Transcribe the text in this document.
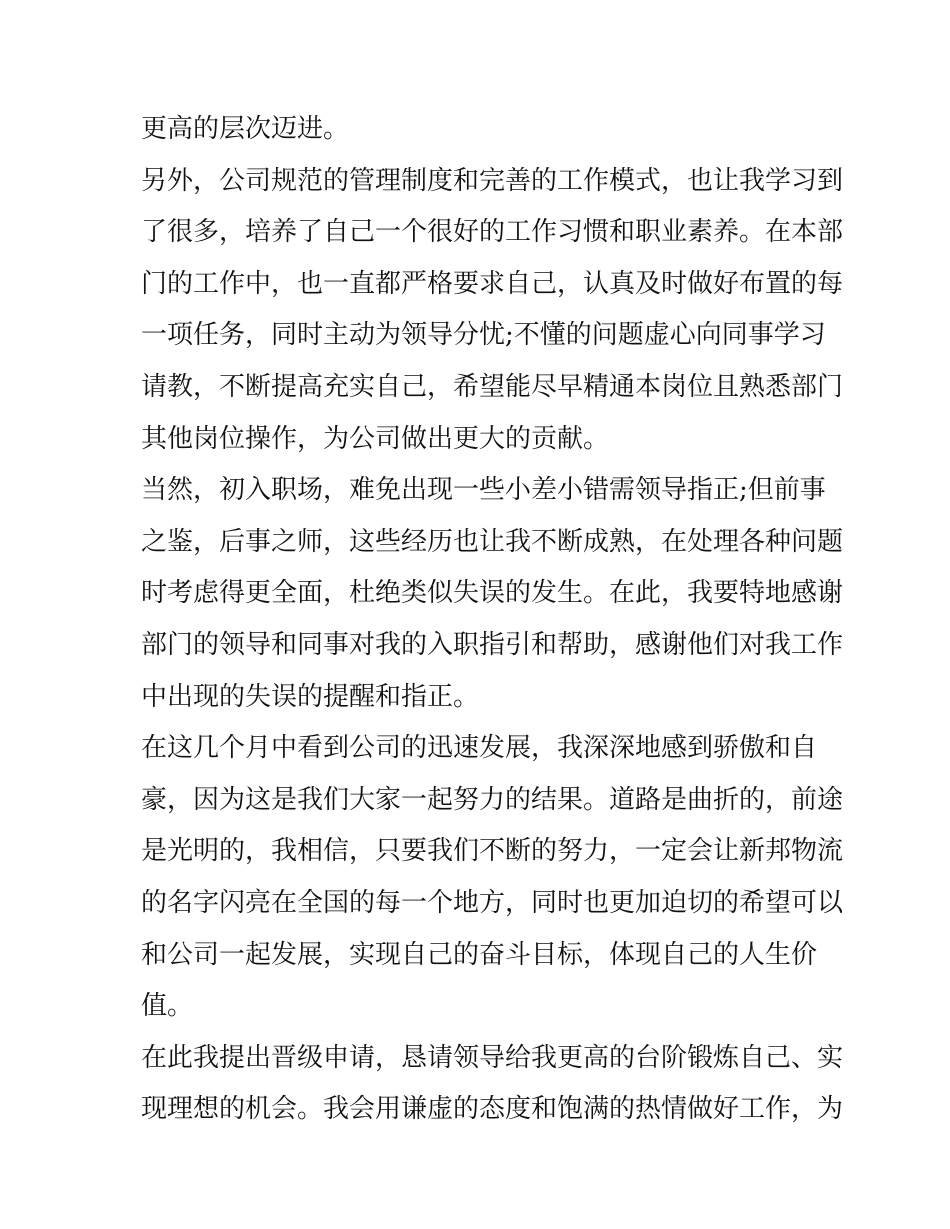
更高的层次迈进。
另外，公司规范的管理制度和完善的工作模式，也让我学习到
了很多，培养了自己一个很好的工作习惯和职业素养。在本部
门的工作中，也一直都严格要求自己，认真及时做好布置的每
一项任务，同时主动为领导分忧;不懂的问题虚心向同事学习
请教，不断提高充实自己，希望能尽早精通本岗位且熟悉部门
其他岗位操作，为公司做出更大的贡献。
当然，初入职场，难免出现一些小差小错需领导指正;但前事
之鉴，后事之师，这些经历也让我不断成熟，在处理各种问题
时考虑得更全面，杜绝类似失误的发生。在此，我要特地感谢
部门的领导和同事对我的入职指引和帮助，感谢他们对我工作
中出现的失误的提醒和指正。
在这几个月中看到公司的迅速发展，我深深地感到骄傲和自
豪，因为这是我们大家一起努力的结果。道路是曲折的，前途
是光明的，我相信，只要我们不断的努力，一定会让新邦物流
的名字闪亮在全国的每一个地方，同时也更加迫切的希望可以
和公司一起发展，实现自己的奋斗目标，体现自己的人生价
值。
在此我提出晋级申请，恳请领导给我更高的台阶锻炼自己、实
现理想的机会。我会用谦虚的态度和饱满的热情做好工作，为
